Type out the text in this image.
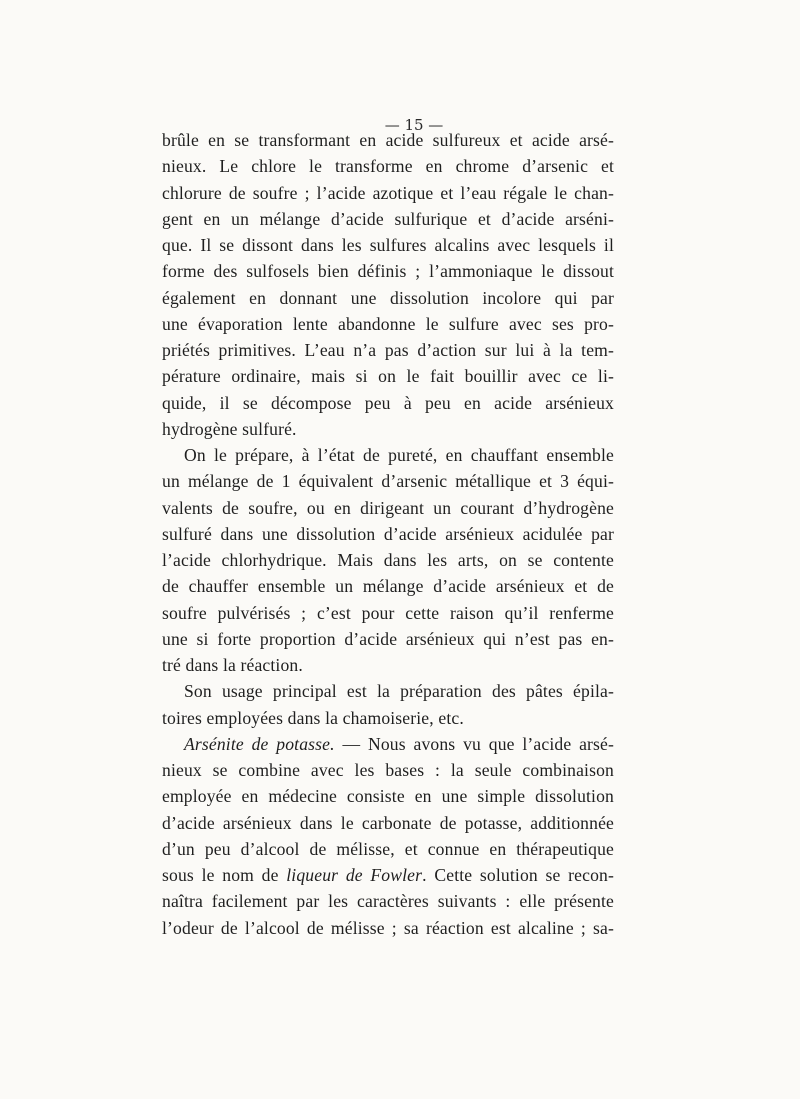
— 15 —
brûle en se transformant en acide sulfureux et acide arsé-
nieux. Le chlore le transforme en chrome d’arsenic et
chlorure de soufre ; l’acide azotique et l’eau régale le chan-
gent en un mélange d’acide sulfurique et d’acide arséni-
que. Il se dissont dans les sulfures alcalins avec lesquels il
forme des sulfosels bien définis ; l’ammoniaque le dissout
également en donnant une dissolution incolore qui par
une évaporation lente abandonne le sulfure avec ses pro-
priétés primitives. L’eau n’a pas d’action sur lui à la tem-
pérature ordinaire, mais si on le fait bouillir avec ce li-
quide, il se décompose peu à peu en acide arsénieux
hydrogène sulfuré.
On le prépare, à l’état de pureté, en chauffant ensemble
un mélange de 1 équivalent d’arsenic métallique et 3 équi-
valents de soufre, ou en dirigeant un courant d’hydrogène
sulfuré dans une dissolution d’acide arsénieux acidulée par
l’acide chlorhydrique. Mais dans les arts, on se contente
de chauffer ensemble un mélange d’acide arsénieux et de
soufre pulvérisés ; c’est pour cette raison qu’il renferme
une si forte proportion d’acide arsénieux qui n’est pas en-
tré dans la réaction.
Son usage principal est la préparation des pâtes épila-
toires employées dans la chamoiserie, etc.
Arsénite de potasse. — Nous avons vu que l’acide arsé-
nieux se combine avec les bases : la seule combinaison
employée en médecine consiste en une simple dissolution
d’acide arsénieux dans le carbonate de potasse, additionnée
d’un peu d’alcool de mélisse, et connue en thérapeutique
sous le nom de liqueur de Fowler. Cette solution se recon-
naîtra facilement par les caractères suivants : elle présente
l’odeur de l’alcool de mélisse ; sa réaction est alcaline ; sa-
